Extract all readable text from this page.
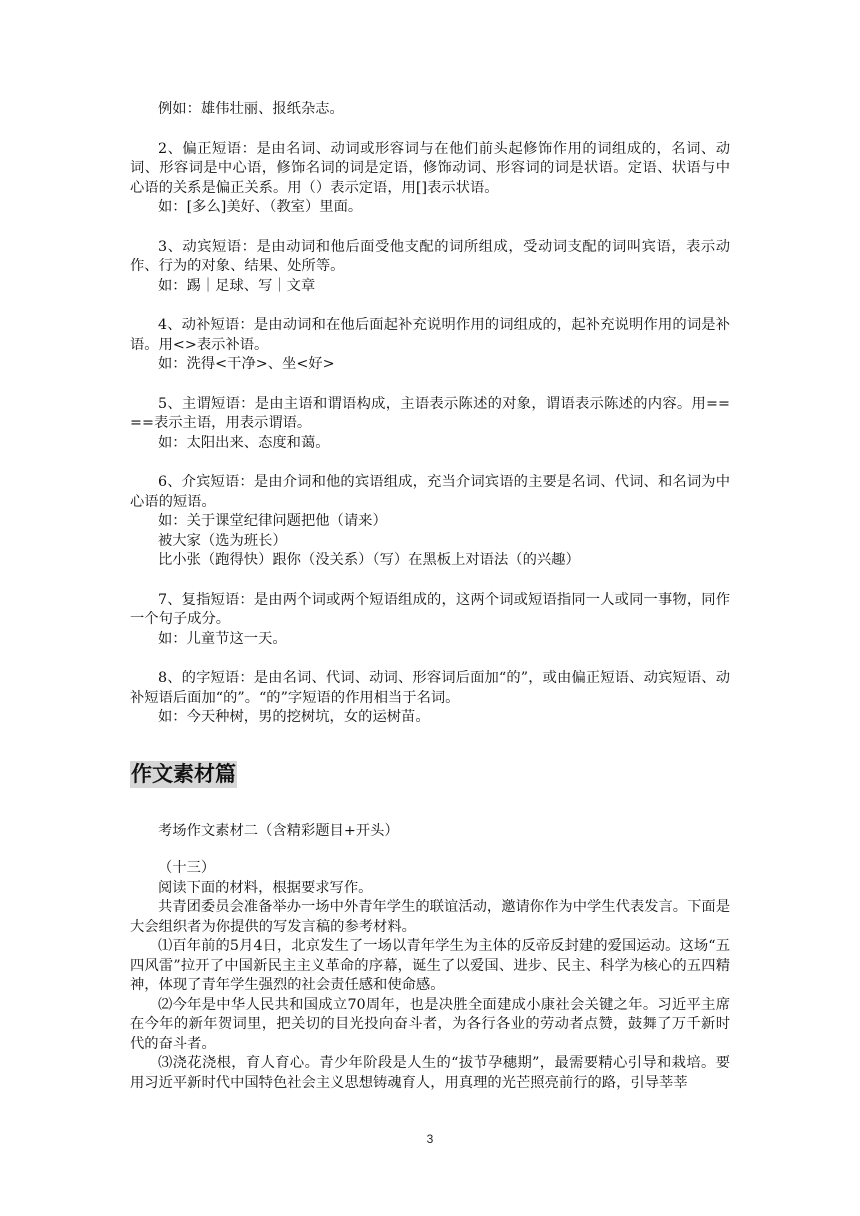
例如：雄伟壮丽、报纸杂志。

2、偏正短语：是由名词、动词或形容词与在他们前头起修饰作用的词组成的，名词、动词、形容词是中心语，修饰名词的词是定语，修饰动词、形容词的词是状语。定语、状语与中心语的关系是偏正关系。用（）表示定语，用[]表示状语。

如：[多么]美好、（教室）里面。

3、动宾短语：是由动词和他后面受他支配的词所组成，受动词支配的词叫宾语，表示动作、行为的对象、结果、处所等。

如：踢｜足球、写｜文章

4、动补短语：是由动词和在他后面起补充说明作用的词组成的，起补充说明作用的词是补语。用<>表示补语。

如：洗得<干净>、坐<好>

5、主谓短语：是由主语和谓语构成，主语表示陈述的对象，谓语表示陈述的内容。用====表示主语，用表示谓语。

如：太阳出来、态度和蔼。

6、介宾短语：是由介词和他的宾语组成，充当介词宾语的主要是名词、代词、和名词为中心语的短语。

如：关于课堂纪律问题把他（请来）

被大家（选为班长）

比小张（跑得快）跟你（没关系）（写）在黑板上对语法（的兴趣）

7、复指短语：是由两个词或两个短语组成的，这两个词或短语指同一人或同一事物，同作一个句子成分。

如：儿童节这一天。

8、的字短语：是由名词、代词、动词、形容词后面加“的”，或由偏正短语、动宾短语、动补短语后面加“的”。“的”字短语的作用相当于名词。

如：今天种树，男的挖树坑，女的运树苗。

作文素材篇

考场作文素材二（含精彩题目+开头）

（十三）

阅读下面的材料，根据要求写作。

共青团委员会准备举办一场中外青年学生的联谊活动，邀请你作为中学生代表发言。下面是大会组织者为你提供的写发言稿的参考材料。

⑴百年前的5月4日，北京发生了一场以青年学生为主体的反帝反封建的爱国运动。这场“五四风雷”拉开了中国新民主主义革命的序幕，诞生了以爱国、进步、民主、科学为核心的五四精神，体现了青年学生强烈的社会责任感和使命感。

⑵今年是中华人民共和国成立70周年，也是决胜全面建成小康社会关键之年。习近平主席在今年的新年贺词里，把关切的目光投向奋斗者，为各行各业的劳动者点赞，鼓舞了万千新时代的奋斗者。

⑶浇花浇根，育人育心。青少年阶段是人生的“拔节孕穗期”，最需要精心引导和栽培。要用习近平新时代中国特色社会主义思想铸魂育人，用真理的光芒照亮前行的路，引导莘莘

3
